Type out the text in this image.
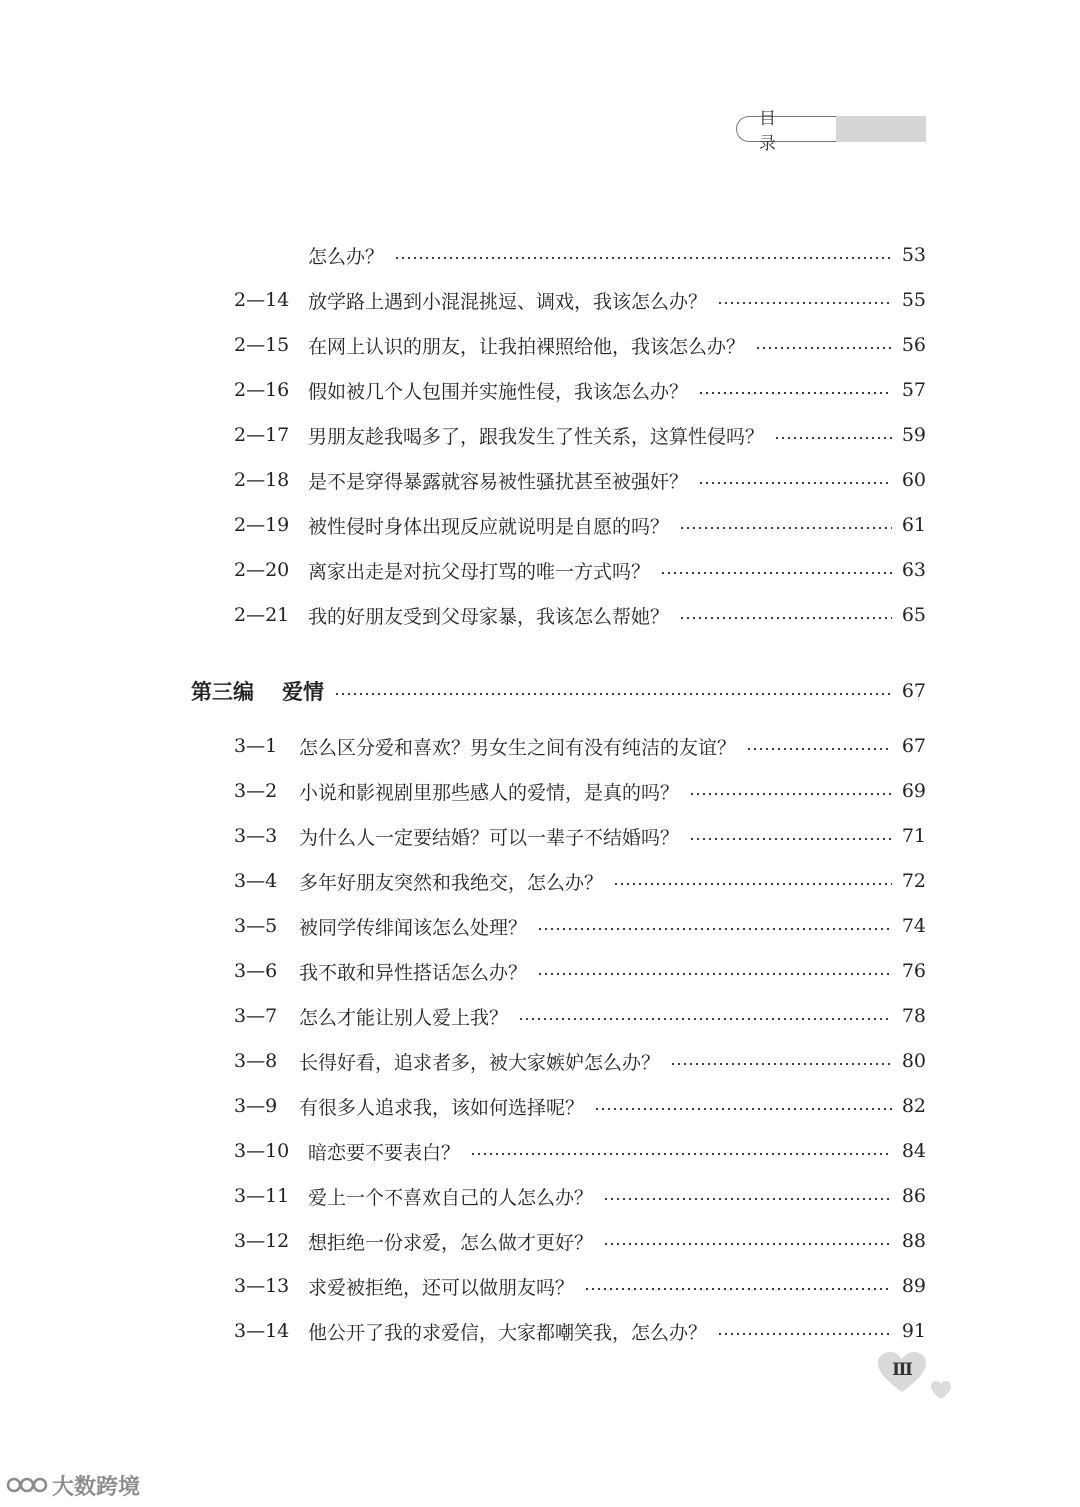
目 录
怎么办？	53
2—14 放学路上遇到小混混挑逗、调戏，我该怎么办？	55
2—15 在网上认识的朋友，让我拍裸照给他，我该怎么办？	56
2—16 假如被几个人包围并实施性侵，我该怎么办？	57
2—17 男朋友趁我喝多了，跟我发生了性关系，这算性侵吗？	59
2—18 是不是穿得暴露就容易被性骚扰甚至被强奸？	60
2—19 被性侵时身体出现反应就说明是自愿的吗？	61
2—20 离家出走是对抗父母打骂的唯一方式吗？	63
2—21 我的好朋友受到父母家暴，我该怎么帮她？	65
第三编 爱情	67
3—1	怎么区分爱和喜欢？男女生之间有没有纯洁的友谊？	67
3—2	小说和影视剧里那些感人的爱情，是真的吗？	69
3—3	为什么人一定要结婚？可以一辈子不结婚吗？	71
3—4	多年好朋友突然和我绝交，怎么办？	72
3—5	被同学传绯闻该怎么处理？	74
3—6	我不敢和异性搭话怎么办？	76
3—7	怎么才能让别人爱上我？	78
3—8	长得好看，追求者多，被大家嫉妒怎么办？	80
3—9	有很多人追求我，该如何选择呢？	82
3—10 暗恋要不要表白？	84
3—11 爱上一个不喜欢自己的人怎么办？	86
3—12 想拒绝一份求爱，怎么做才更好？	88
3—13 求爱被拒绝，还可以做朋友吗？	89
3—14 他公开了我的求爱信，大家都嘲笑我，怎么办？	91
Ⅲ
大数跨境
